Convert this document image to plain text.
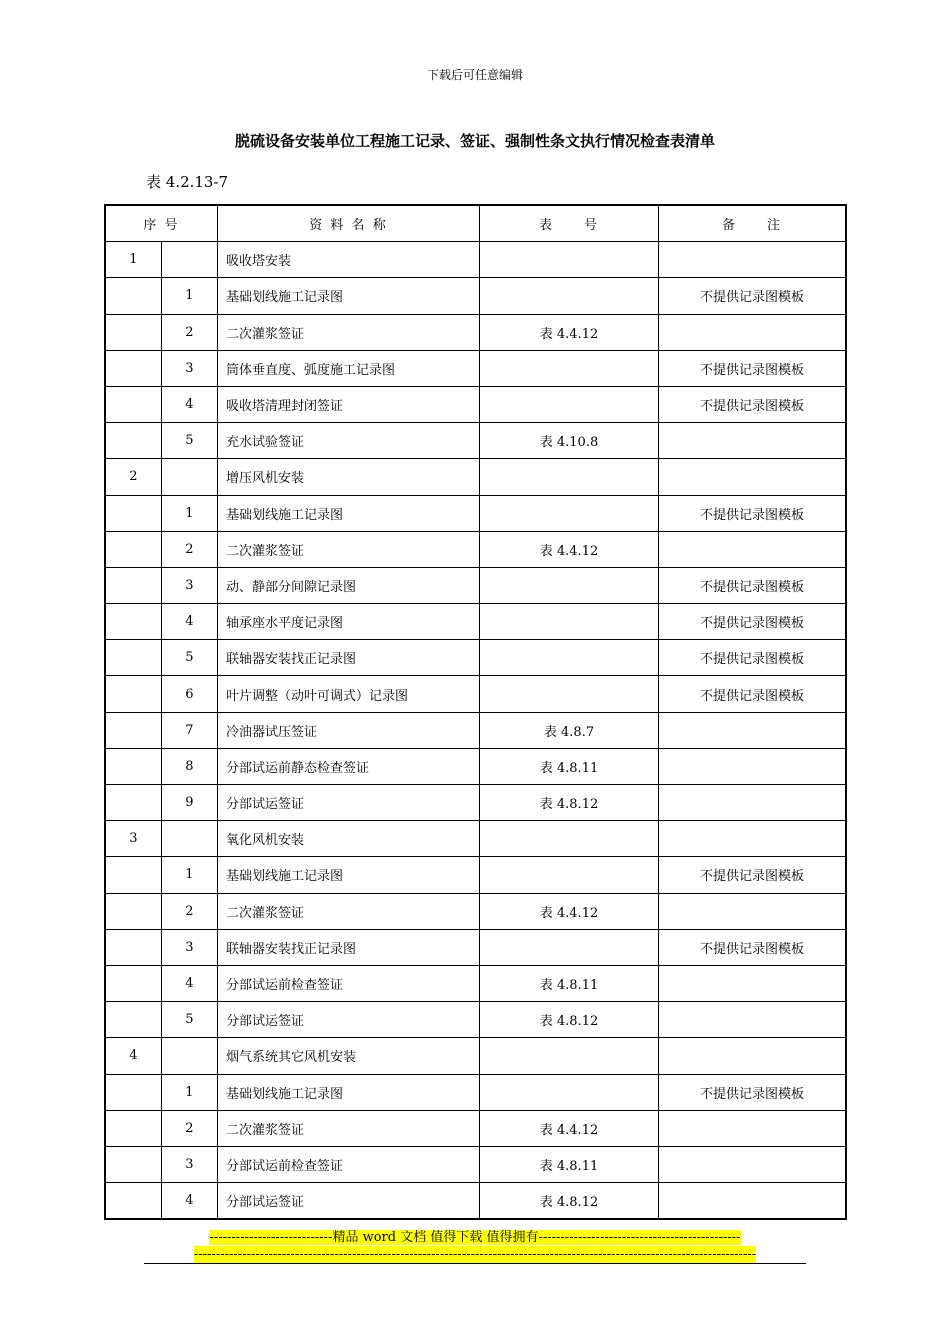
下载后可任意编辑
脱硫设备安装单位工程施工记录、签证、强制性条文执行情况检查表清单
表 4.2.13-7
序 号		资 料 名 称	表　　号	备　　注

1		吸收塔安装		
	1	基础划线施工记录图		不提供记录图模板
	2	二次灌浆签证	表 4.4.12	
	3	筒体垂直度、弧度施工记录图		不提供记录图模板
	4	吸收塔清理封闭签证		不提供记录图模板
	5	充水试验签证	表 4.10.8	
2		增压风机安装		
	1	基础划线施工记录图		不提供记录图模板
	2	二次灌浆签证	表 4.4.12	
	3	动、静部分间隙记录图		不提供记录图模板
	4	轴承座水平度记录图		不提供记录图模板
	5	联轴器安装找正记录图		不提供记录图模板
	6	叶片调整（动叶可调式）记录图		不提供记录图模板
	7	冷油器试压签证	表 4.8.7	
	8	分部试运前静态检查签证	表 4.8.11	
	9	分部试运签证	表 4.8.12	
3		氧化风机安装		
	1	基础划线施工记录图		不提供记录图模板
	2	二次灌浆签证	表 4.4.12	
	3	联轴器安装找正记录图		不提供记录图模板
	4	分部试运前检查签证	表 4.8.11	
	5	分部试运签证	表 4.8.12	
4		烟气系统其它风机安装		
	1	基础划线施工记录图		不提供记录图模板
	2	二次灌浆签证	表 4.4.12	
	3	分部试运前检查签证	表 4.8.11	
	4	分部试运签证	表 4.8.12	
----------------------------精品 word 文档 值得下载 值得拥有----------------------------------------------
--------------------------------------------------------------------------------------------------------------------------------
